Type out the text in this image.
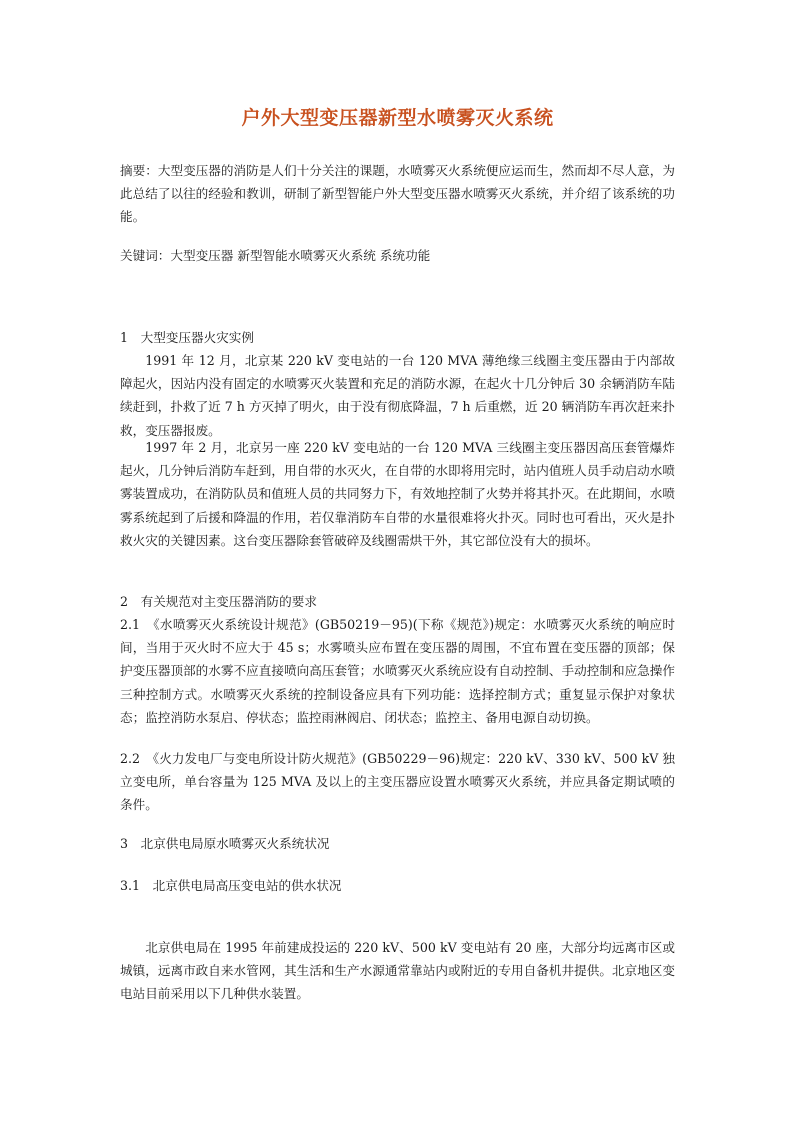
户外大型变压器新型水喷雾灭火系统

摘要：大型变压器的消防是人们十分关注的课题，水喷雾灭火系统便应运而生，然而却不尽人意，为此总结了以往的经验和教训，研制了新型智能户外大型变压器水喷雾灭火系统，并介绍了该系统的功能。

关键词：大型变压器 新型智能水喷雾灭火系统 系统功能

1　大型变压器火灾实例

1991 年 12 月，北京某 220 kV 变电站的一台 120 MVA 薄绝缘三线圈主变压器由于内部故障起火，因站内没有固定的水喷雾灭火装置和充足的消防水源，在起火十几分钟后 30 余辆消防车陆续赶到，扑救了近 7 h 方灭掉了明火，由于没有彻底降温，7 h 后重燃，近 20 辆消防车再次赶来扑救，变压器报废。

1997 年 2 月，北京另一座 220 kV 变电站的一台 120 MVA 三线圈主变压器因高压套管爆炸起火，几分钟后消防车赶到，用自带的水灭火，在自带的水即将用完时，站内值班人员手动启动水喷雾装置成功，在消防队员和值班人员的共同努力下，有效地控制了火势并将其扑灭。在此期间，水喷雾系统起到了后援和降温的作用，若仅靠消防车自带的水量很难将火扑灭。同时也可看出，灭火是扑救火灾的关键因素。这台变压器除套管破碎及线圈需烘干外，其它部位没有大的损坏。

2　有关规范对主变压器消防的要求

2.1　《水喷雾灭火系统设计规范》(GB50219－95)(下称《规范》)规定：水喷雾灭火系统的响应时间，当用于灭火时不应大于 45 s；水雾喷头应布置在变压器的周围，不宜布置在变压器的顶部；保护变压器顶部的水雾不应直接喷向高压套管；水喷雾灭火系统应设有自动控制、手动控制和应急操作三种控制方式。水喷雾灭火系统的控制设备应具有下列功能：选择控制方式；重复显示保护对象状态；监控消防水泵启、停状态；监控雨淋阀启、闭状态；监控主、备用电源自动切换。

2.2　《火力发电厂与变电所设计防火规范》(GB50229－96)规定：220 kV、330 kV、500 kV 独立变电所，单台容量为 125 MVA 及以上的主变压器应设置水喷雾灭火系统，并应具备定期试喷的条件。

3　北京供电局原水喷雾灭火系统状况

3.1　北京供电局高压变电站的供水状况

北京供电局在 1995 年前建成投运的 220 kV、500 kV 变电站有 20 座，大部分均远离市区或城镇，远离市政自来水管网，其生活和生产水源通常靠站内或附近的专用自备机井提供。北京地区变电站目前采用以下几种供水装置。
